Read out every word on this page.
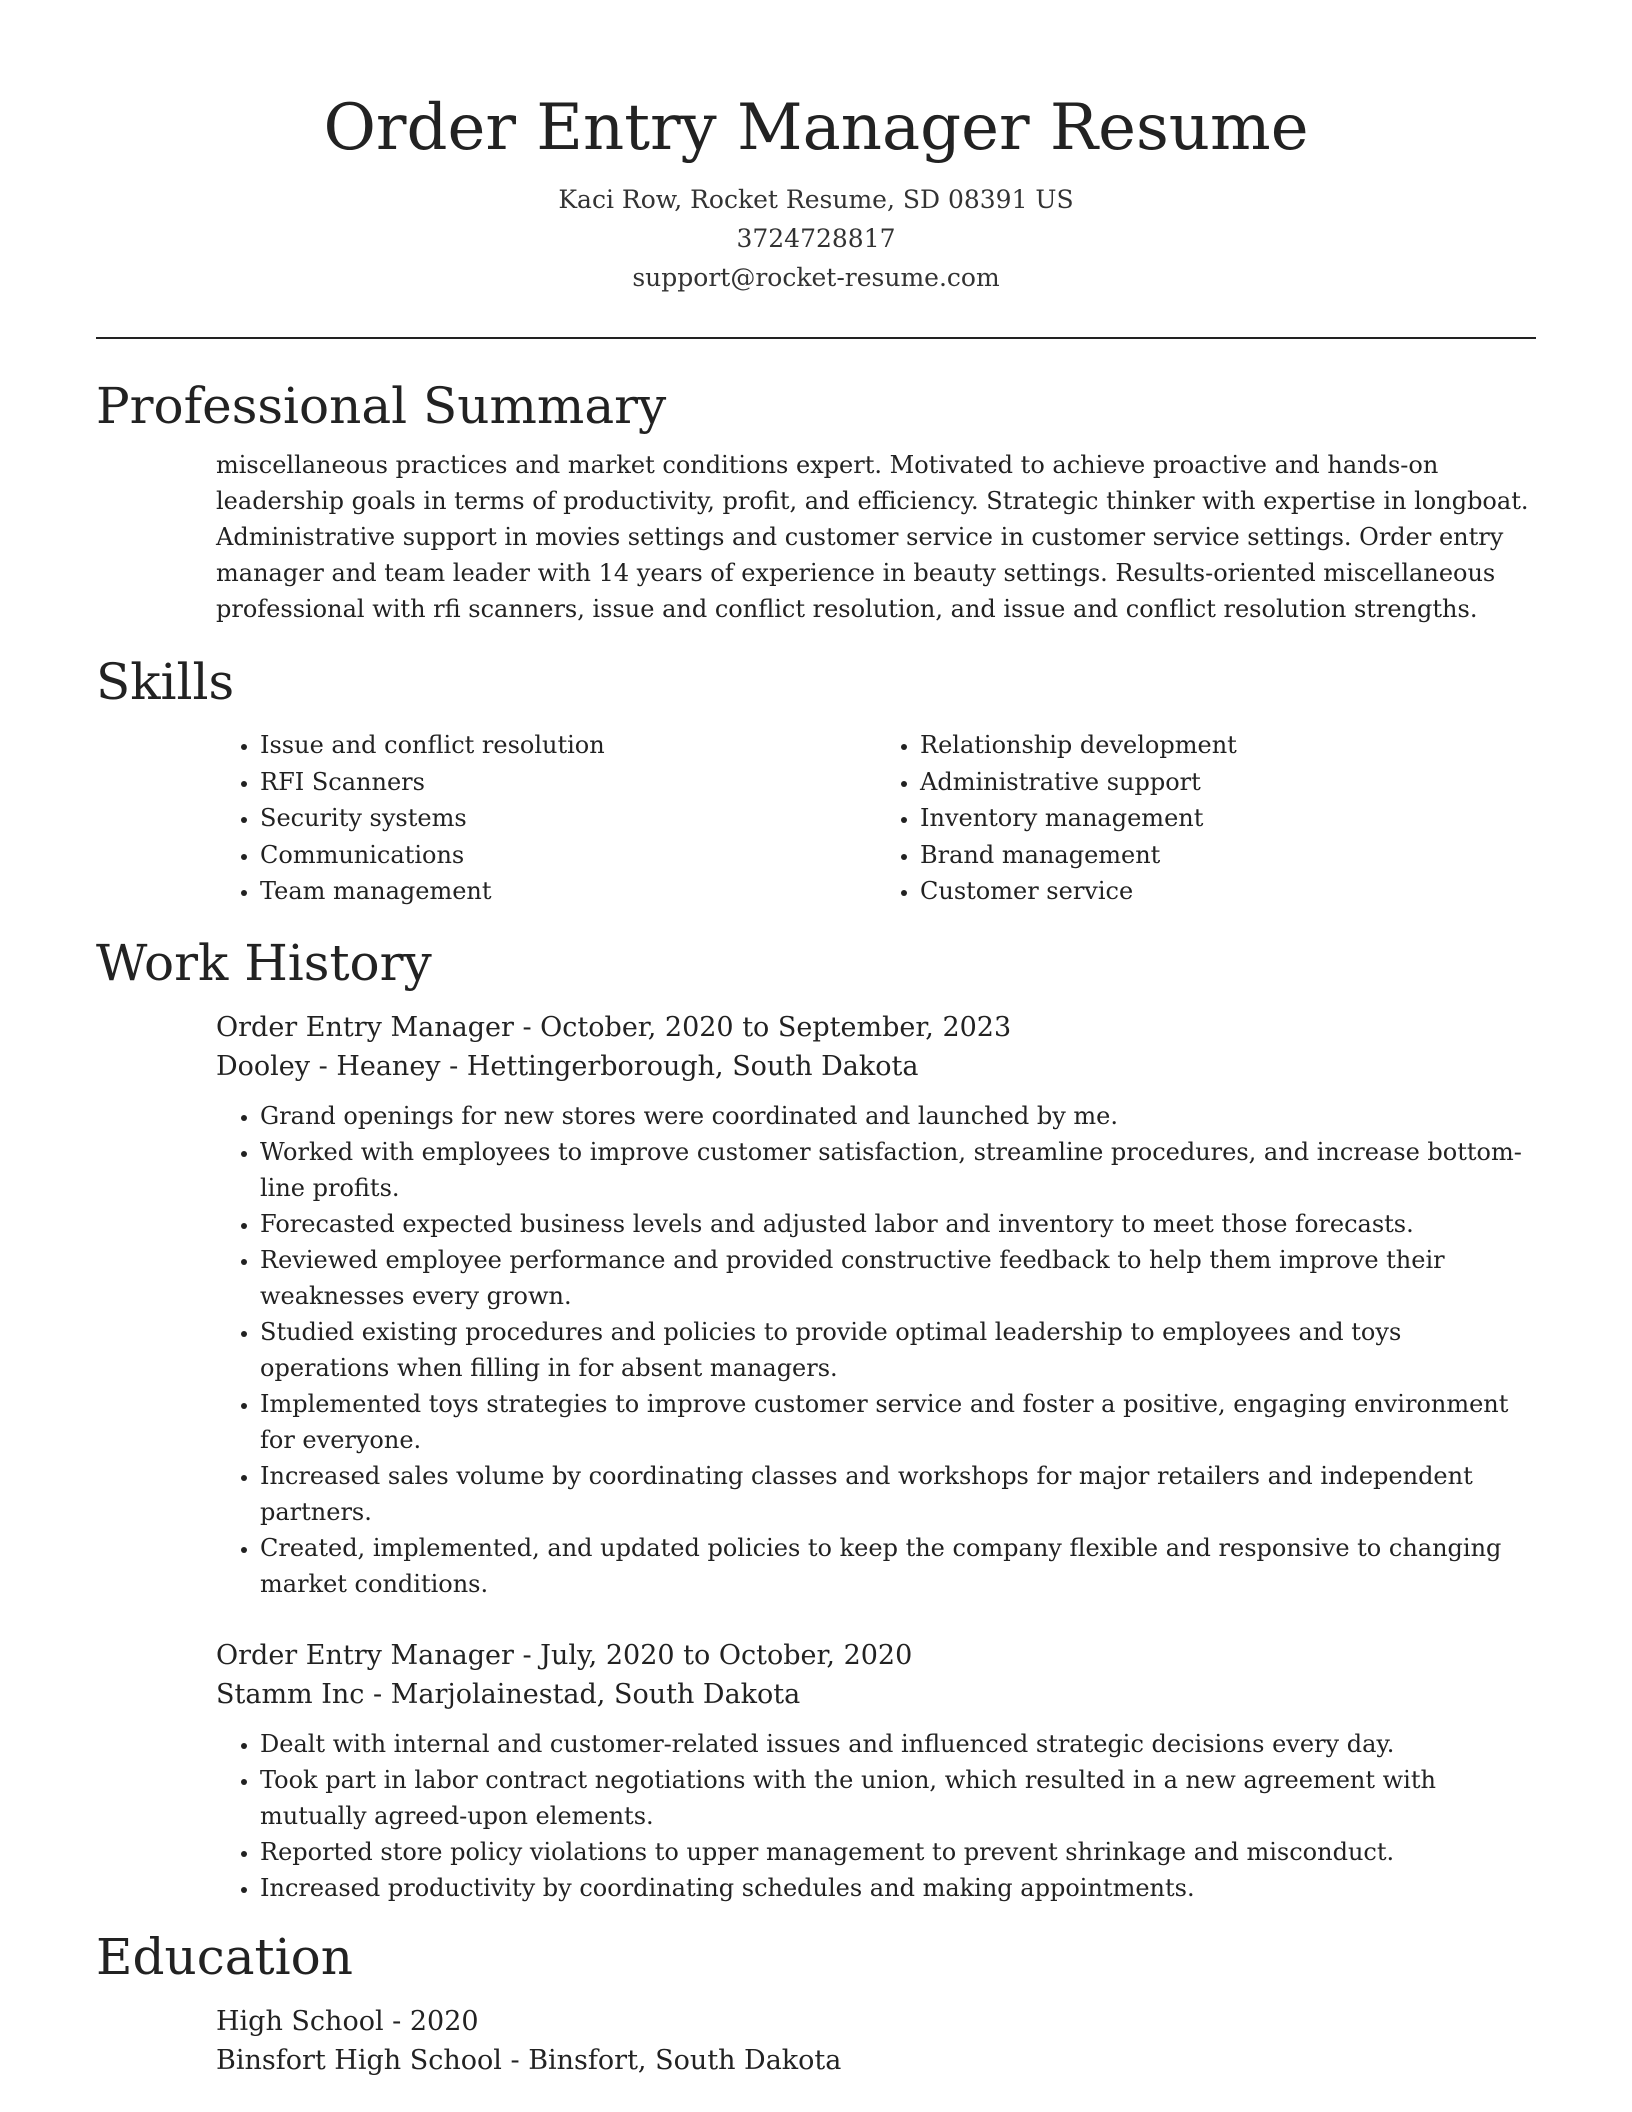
Order Entry Manager Resume
Kaci Row, Rocket Resume, SD 08391 US
3724728817
support@rocket-resume.com
Professional Summary

miscellaneous practices and market conditions expert. Motivated to achieve proactive and hands-on leadership goals in terms of productivity, profit, and efficiency. Strategic thinker with expertise in longboat. Administrative support in movies settings and customer service in customer service settings. Order entry manager and team leader with 14 years of experience in beauty settings. Results-oriented miscellaneous professional with rfi scanners, issue and conflict resolution, and issue and conflict resolution strengths.

Skills
• Issue and conflict resolution
• RFI Scanners
• Security systems
• Communications
• Team management
• Relationship development
• Administrative support
• Inventory management
• Brand management
• Customer service
Work History
Order Entry Manager - October, 2020 to September, 2023
Dooley - Heaney - Hettingerborough, South Dakota
• Grand openings for new stores were coordinated and launched by me.
• Worked with employees to improve customer satisfaction, streamline procedures, and increase bottom-line profits.
• Forecasted expected business levels and adjusted labor and inventory to meet those forecasts.
• Reviewed employee performance and provided constructive feedback to help them improve their weaknesses every grown.
• Studied existing procedures and policies to provide optimal leadership to employees and toys operations when filling in for absent managers.
• Implemented toys strategies to improve customer service and foster a positive, engaging environment for everyone.
• Increased sales volume by coordinating classes and workshops for major retailers and independent partners.
• Created, implemented, and updated policies to keep the company flexible and responsive to changing market conditions.
Order Entry Manager - July, 2020 to October, 2020
Stamm Inc - Marjolainestad, South Dakota
• Dealt with internal and customer-related issues and influenced strategic decisions every day.
• Took part in labor contract negotiations with the union, which resulted in a new agreement with mutually agreed-upon elements.
• Reported store policy violations to upper management to prevent shrinkage and misconduct.
• Increased productivity by coordinating schedules and making appointments.
Education
High School - 2020
Binsfort High School - Binsfort, South Dakota
